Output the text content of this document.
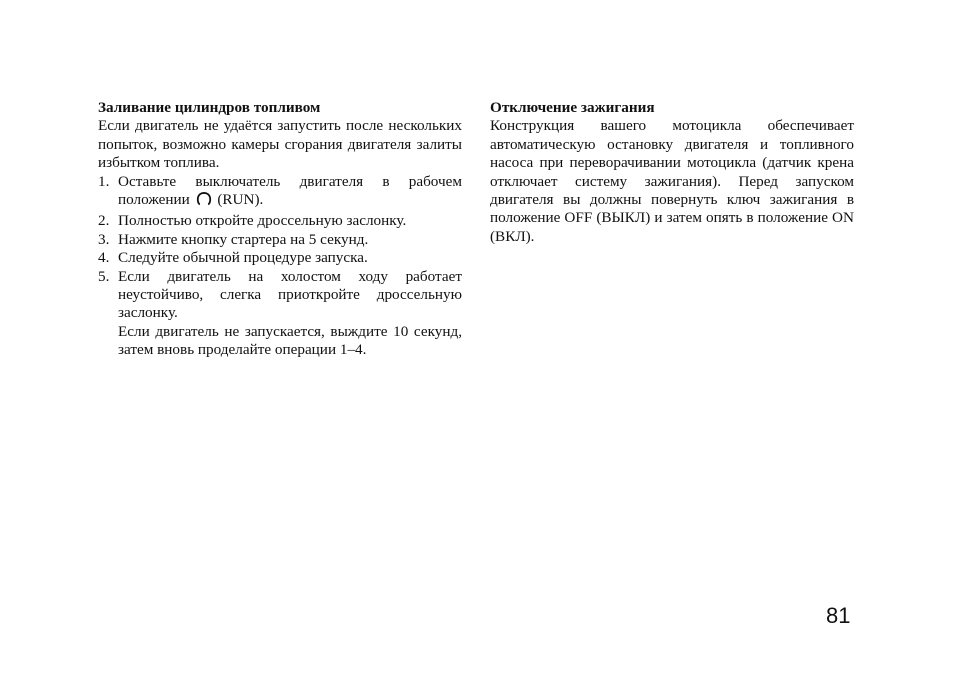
Заливание цилиндров топливом

Если двигатель не удаётся запустить после нескольких попыток, возможно камеры сгорания двигателя залиты избытком топлива.

1. Оставьте выключатель двигателя в рабочем положении (RUN).
2. Полностью откройте дроссельную заслонку.
3. Нажмите кнопку стартера на 5 секунд.
4. Следуйте обычной процедуре запуска.
5. Если двигатель на холостом ходу работает неустойчиво, слегка приоткройте дроссельную заслонку.
Если двигатель не запускается, выждите 10 секунд, затем вновь проделайте операции 1–4.
Отключение зажигания

Конструкция вашего мотоцикла обеспечивает автоматическую остановку двигателя и топливного насоса при переворачивании мотоцикла (датчик крена отключает систему зажигания). Перед запуском двигателя вы должны повернуть ключ зажигания в положение OFF (ВЫКЛ) и затем опять в положение ON (ВКЛ).

81
